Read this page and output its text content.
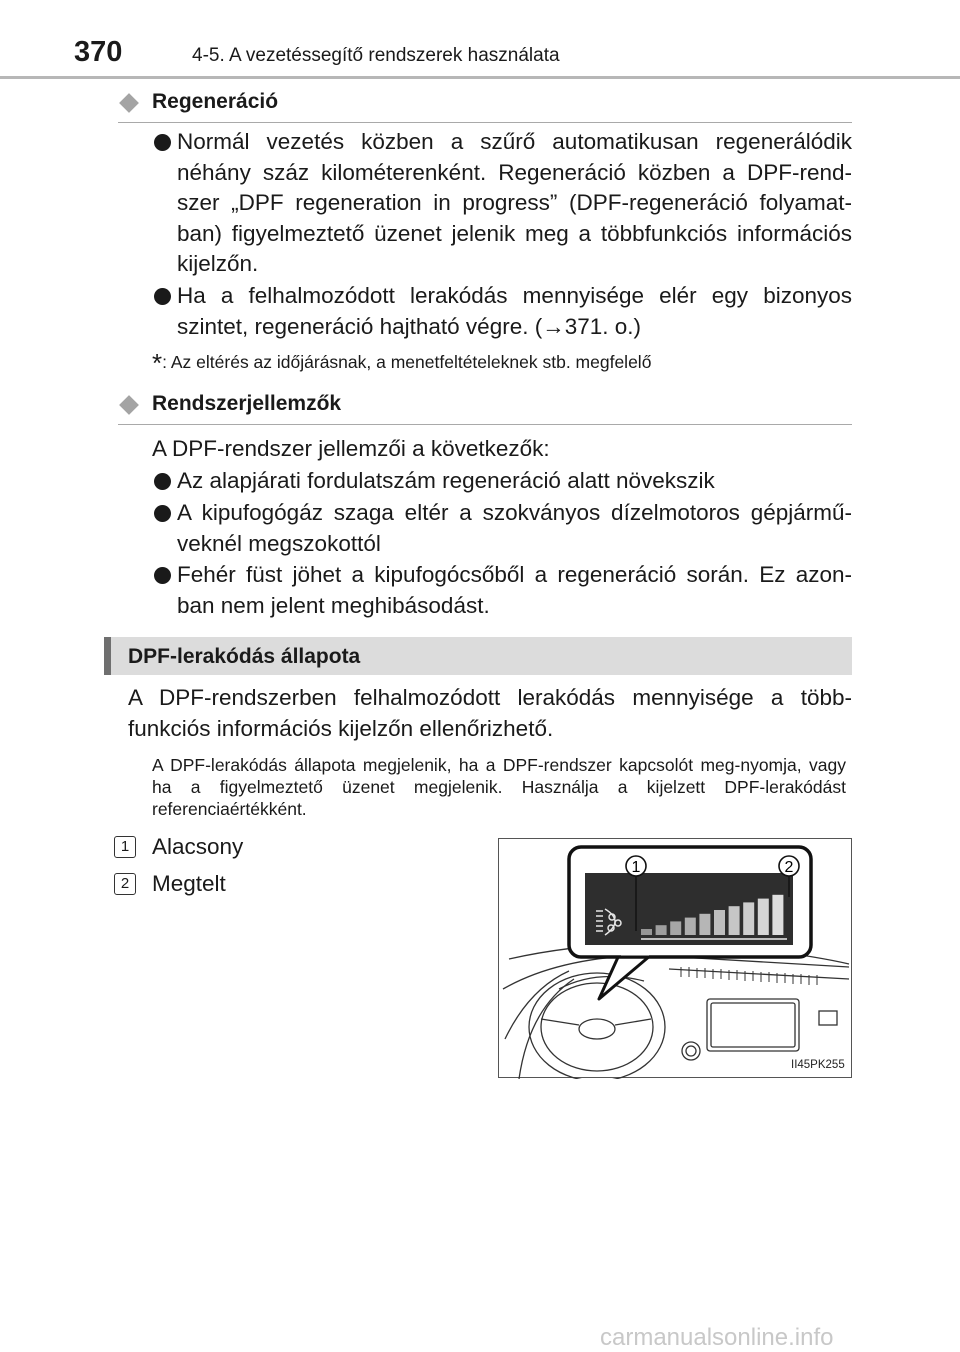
370	4-5. A vezetéssegítő rendszerek használata
Regeneráció
Normál vezetés közben a szűrő automatikusan regenerálódik néhány száz kilométerenként. Regeneráció közben a DPF-rend-szer „DPF regeneration in progress” (DPF-regeneráció folyamat-ban) figyelmeztető üzenet jelenik meg a többfunkciós információs kijelzőn.
Ha a felhalmozódott lerakódás mennyisége elér egy bizonyos szintet, regeneráció hajtható végre. (→371. o.)
*: Az eltérés az időjárásnak, a menetfeltételeknek stb. megfelelő
Rendszerjellemzők
A DPF-rendszer jellemzői a következők:
Az alapjárati fordulatszám regeneráció alatt növekszik
A kipufogógáz szaga eltér a szokványos dízelmotoros gépjármű-veknél megszokottól
Fehér füst jöhet a kipufogócsőből a regeneráció során. Ez azon-ban nem jelent meghibásodást.
DPF-lerakódás állapota
A DPF-rendszerben felhalmozódott lerakódás mennyisége a több-funkciós információs kijelzőn ellenőrizhető.
A DPF-lerakódás állapota megjelenik, ha a DPF-rendszer kapcsolót meg-nyomja, vagy ha a figyelmeztető üzenet megjelenik. Használja a kijelzett DPF-lerakódást referenciaértékként.
1 Alacsony
2 Megtelt
1	2
II45PK255
carmanualsonline.info
